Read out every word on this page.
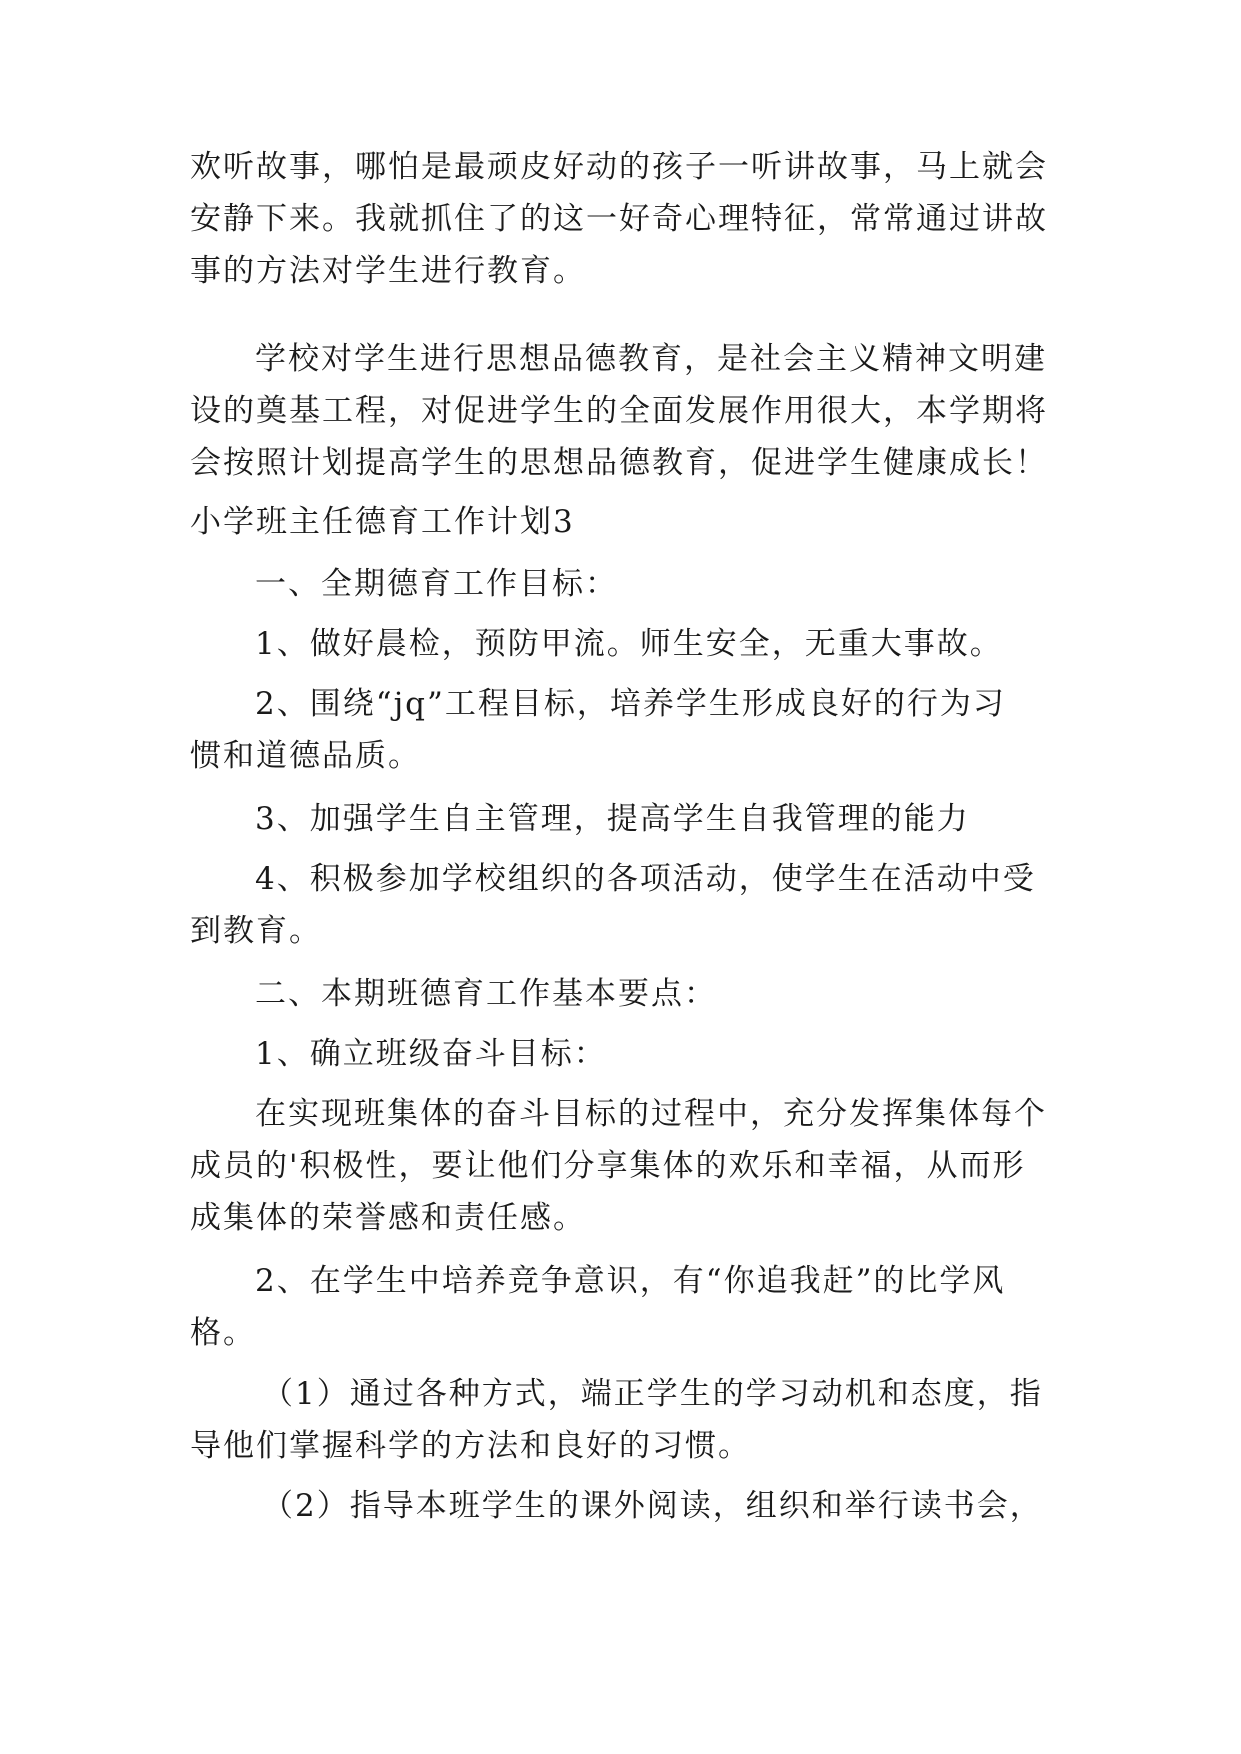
欢听故事，哪怕是最顽皮好动的孩子一听讲故事，马上就会
安静下来。我就抓住了的这一好奇心理特征，常常通过讲故
事的方法对学生进行教育。
学校对学生进行思想品德教育，是社会主义精神文明建
设的奠基工程，对促进学生的全面发展作用很大，本学期将
会按照计划提高学生的思想品德教育，促进学生健康成长！
小学班主任德育工作计划3
一、全期德育工作目标：
1、做好晨检，预防甲流。师生安全，无重大事故。
2、围绕“jq”工程目标，培养学生形成良好的行为习
惯和道德品质。
3、加强学生自主管理，提高学生自我管理的能力
4、积极参加学校组织的各项活动，使学生在活动中受
到教育。
二、本期班德育工作基本要点：
1、确立班级奋斗目标：
在实现班集体的奋斗目标的过程中，充分发挥集体每个
成员的'积极性，要让他们分享集体的欢乐和幸福，从而形
成集体的荣誉感和责任感。
2、在学生中培养竞争意识，有“你追我赶”的比学风
格。
（1）通过各种方式，端正学生的学习动机和态度，指
导他们掌握科学的方法和良好的习惯。
（2）指导本班学生的课外阅读，组织和举行读书会，
